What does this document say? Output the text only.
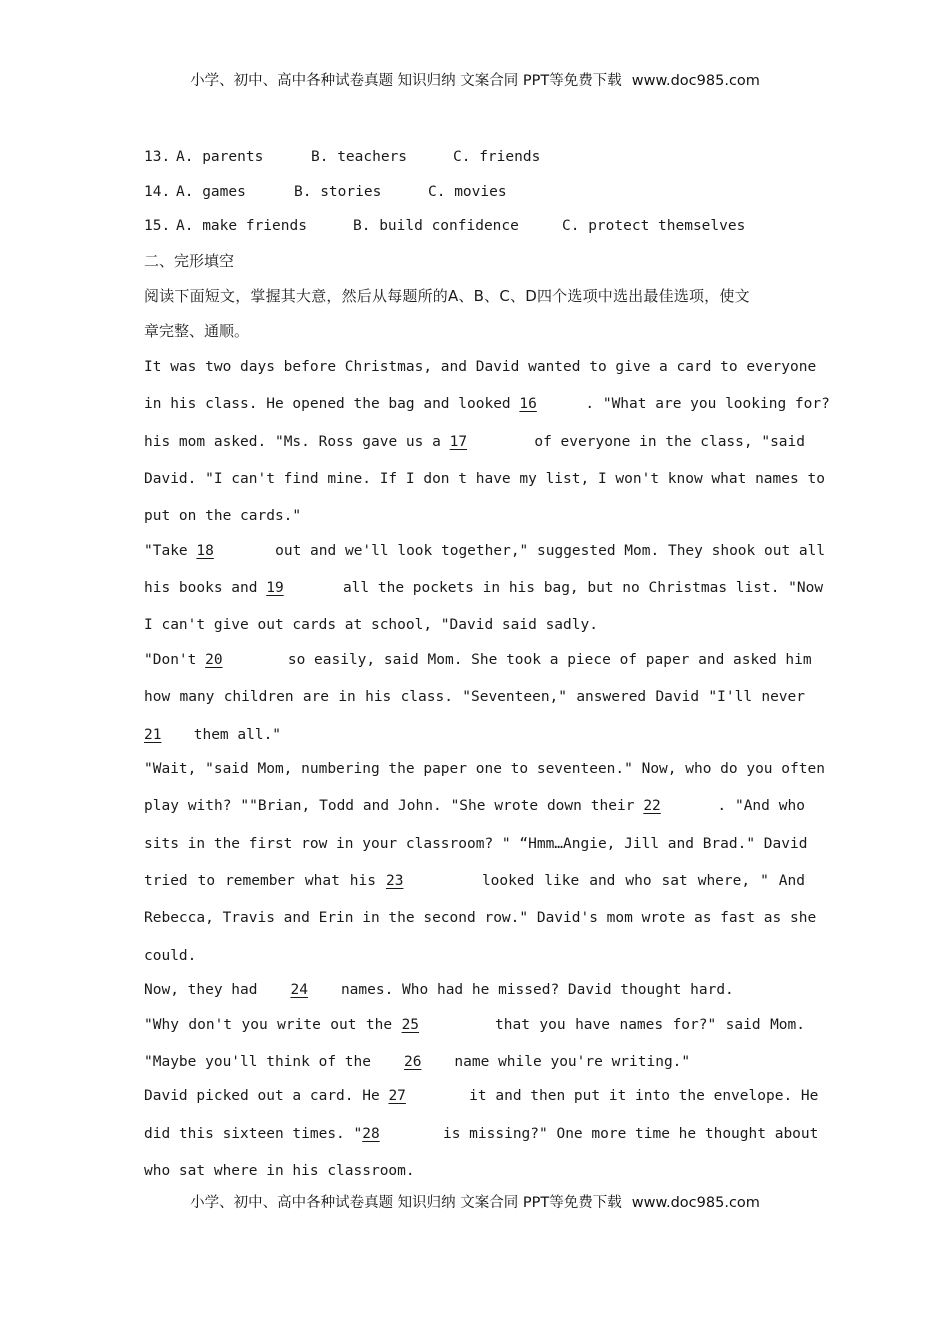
小学、初中、高中各种试卷真题 知识归纳 文案合同 PPT等免费下载 www.doc985.com
13. A. parents	B. teachers	C. friends
14. A. games	B. stories	C. movies
15. A. make friends	B. build confidence	C. protect themselves
二、完形填空
阅读下面短文，掌握其大意，然后从每题所的A、B、C、D四个选项中选出最佳选项，使文
章完整、通顺。
It was two days before Christmas, and David wanted to give a card to everyone
in his class. He opened the bag and looked 16	. "What are you looking for?
his mom asked. "Ms. Ross gave us a 17	of everyone in the class, "said
David. "I can't find mine. If I don t have my list, I won't know what names to
put on the cards."
"Take 18	out and we'll look together," suggested Mom. They shook out all
his books and 19	all the pockets in his bag, but no Christmas list. "Now
I can't give out cards at school, "David said sadly.
"Don't 20	so easily, said Mom. She took a piece of paper and asked him
how many children are in his class. "Seventeen," answered David "I'll never
21 them all."
"Wait, "said Mom, numbering the paper one to seventeen." Now, who do you often
play with? ""Brian, Todd and John. "She wrote down their 22	. "And who
sits in the first row in your classroom? " “Hmm…Angie, Jill and Brad." David
tried to remember what his 23	looked like and who sat where, " And
Rebecca, Travis and Erin in the second row." David's mom wrote as fast as she
could.
Now, they had 24 names. Who had he missed? David thought hard.
"Why don't you write out the 25	that you have names for?" said Mom.
"Maybe you'll think of the 26 name while you're writing."
David picked out a card. He 27	it and then put it into the envelope. He
did this sixteen times. "28	is missing?" One more time he thought about
who sat where in his classroom.
小学、初中、高中各种试卷真题 知识归纳 文案合同 PPT等免费下载 www.doc985.com
